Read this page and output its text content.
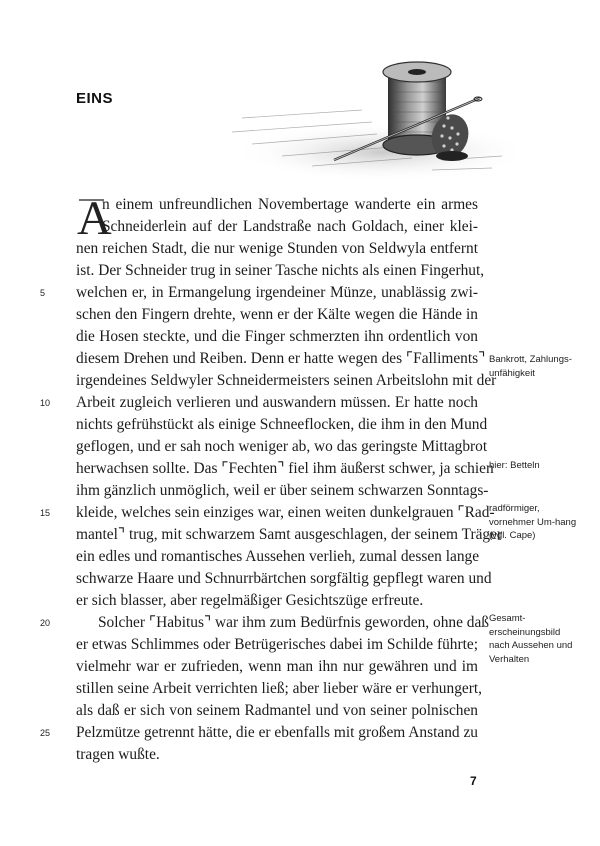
EINS
A
n einem unfreundlichen Novembertage wanderte ein armes
Schneiderlein auf der Landstraße nach Goldach, einer klei-
nen reichen Stadt, die nur wenige Stunden von Seldwyla entfernt
ist. Der Schneider trug in seiner Tasche nichts als einen Fingerhut,
welchen er, in Ermangelung irgendeiner Münze, unablässig zwi-
schen den Fingern drehte, wenn er der Kälte wegen die Hände in
die Hosen steckte, und die Finger schmerzten ihn ordentlich von
diesem Drehen und Reiben. Denn er hatte wegen des ⌜Falliments⌝
irgendeines Seldwyler Schneidermeisters seinen Arbeitslohn mit der
Arbeit zugleich verlieren und auswandern müssen. Er hatte noch
nichts gefrühstückt als einige Schneeflocken, die ihm in den Mund
geflogen, und er sah noch weniger ab, wo das geringste Mittagbrot
herwachsen sollte. Das ⌜Fechten⌝ fiel ihm äußerst schwer, ja schien
ihm gänzlich unmöglich, weil er über seinem schwarzen Sonntags-
kleide, welches sein einziges war, einen weiten dunkelgrauen ⌜Rad-
mantel⌝ trug, mit schwarzem Samt ausgeschlagen, der seinem Träger
ein edles und romantisches Aussehen verlieh, zumal dessen lange
schwarze Haare und Schnurrbärtchen sorgfältig gepflegt waren und
er sich blasser, aber regelmäßiger Gesichtszüge erfreute.
Solcher ⌜Habitus⌝ war ihm zum Bedürfnis geworden, ohne daß
er etwas Schlimmes oder Betrügerisches dabei im Schilde führte;
vielmehr war er zufrieden, wenn man ihn nur gewähren und im
stillen seine Arbeit verrichten ließ; aber lieber wäre er verhungert,
als daß er sich von seinem Radmantel und von seiner polnischen
Pelzmütze getrennt hätte, die er ebenfalls mit großem Anstand zu
tragen wußte.
5
10
15
20
25
Bankrott, Zahlungs-unfähigkeit
hier: Betteln
radförmiger, vornehmer Um-hang (vgl. Cape)
Gesamt-erscheinungsbild nach Aussehen und Verhalten
7
